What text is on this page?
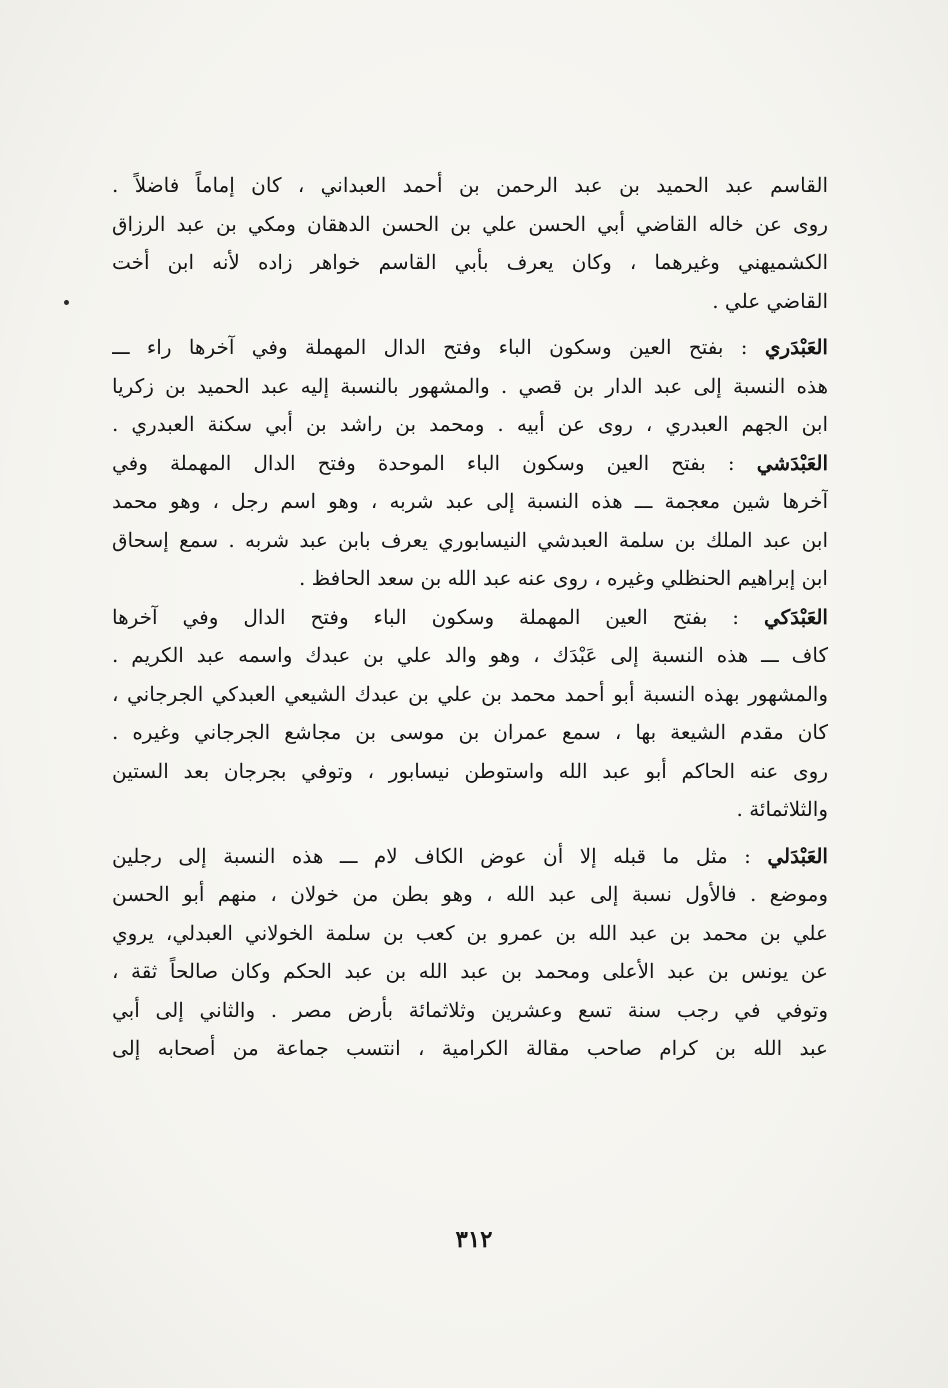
القاسم عبد الحميد بن عبد الرحمن بن أحمد العبداني ، كان إماماً فاضلاً .
روى عن خاله القاضي أبي الحسن علي بن الحسن الدهقان ومكي بن عبد الرزاق
الكشميهني وغيرهما ، وكان يعرف بأبي القاسم خواهر زاده لأنه ابن أخت
القاضي علي .
العَبْدَري : بفتح العين وسكون الباء وفتح الدال المهملة وفي آخرها راء ـــ
هذه النسبة إلى عبد الدار بن قصي . والمشهور بالنسبة إليه عبد الحميد بن زكريا
ابن الجهم العبدري ، روى عن أبيه . ومحمد بن راشد بن أبي سكنة العبدري .
العَبْدَشي : بفتح العين وسكون الباء الموحدة وفتح الدال المهملة وفي
آخرها شين معجمة ـــ هذه النسبة إلى عبد شربه ، وهو اسم رجل ، وهو محمد
ابن عبد الملك بن سلمة العبدشي النيسابوري يعرف بابن عبد شربه . سمع إسحاق
ابن إبراهيم الحنظلي وغيره ، روى عنه عبد الله بن سعد الحافظ .
العَبْدَكي : بفتح العين المهملة وسكون الباء وفتح الدال وفي آخرها
كاف ـــ هذه النسبة إلى عَبْدَك ، وهو والد علي بن عبدك واسمه عبد الكريم .
والمشهور بهذه النسبة أبو أحمد محمد بن علي بن عبدك الشيعي العبدكي الجرجاني ،
كان مقدم الشيعة بها ، سمع عمران بن موسى بن مجاشع الجرجاني وغيره .
روى عنه الحاكم أبو عبد الله واستوطن نيسابور ، وتوفي بجرجان بعد الستين
والثلاثمائة .
العَبْدَلي : مثل ما قبله إلا أن عوض الكاف لام ـــ هذه النسبة إلى رجلين
وموضع . فالأول نسبة إلى عبد الله ، وهو بطن من خولان ، منهم أبو الحسن
علي بن محمد بن عبد الله بن عمرو بن كعب بن سلمة الخولاني العبدلي، يروي
عن يونس بن عبد الأعلى ومحمد بن عبد الله بن عبد الحكم وكان صالحاً ثقة ،
وتوفي في رجب سنة تسع وعشرين وثلاثمائة بأرض مصر . والثاني إلى أبي
عبد الله بن كرام صاحب مقالة الكرامية ، انتسب جماعة من أصحابه إلى
٣١٢
